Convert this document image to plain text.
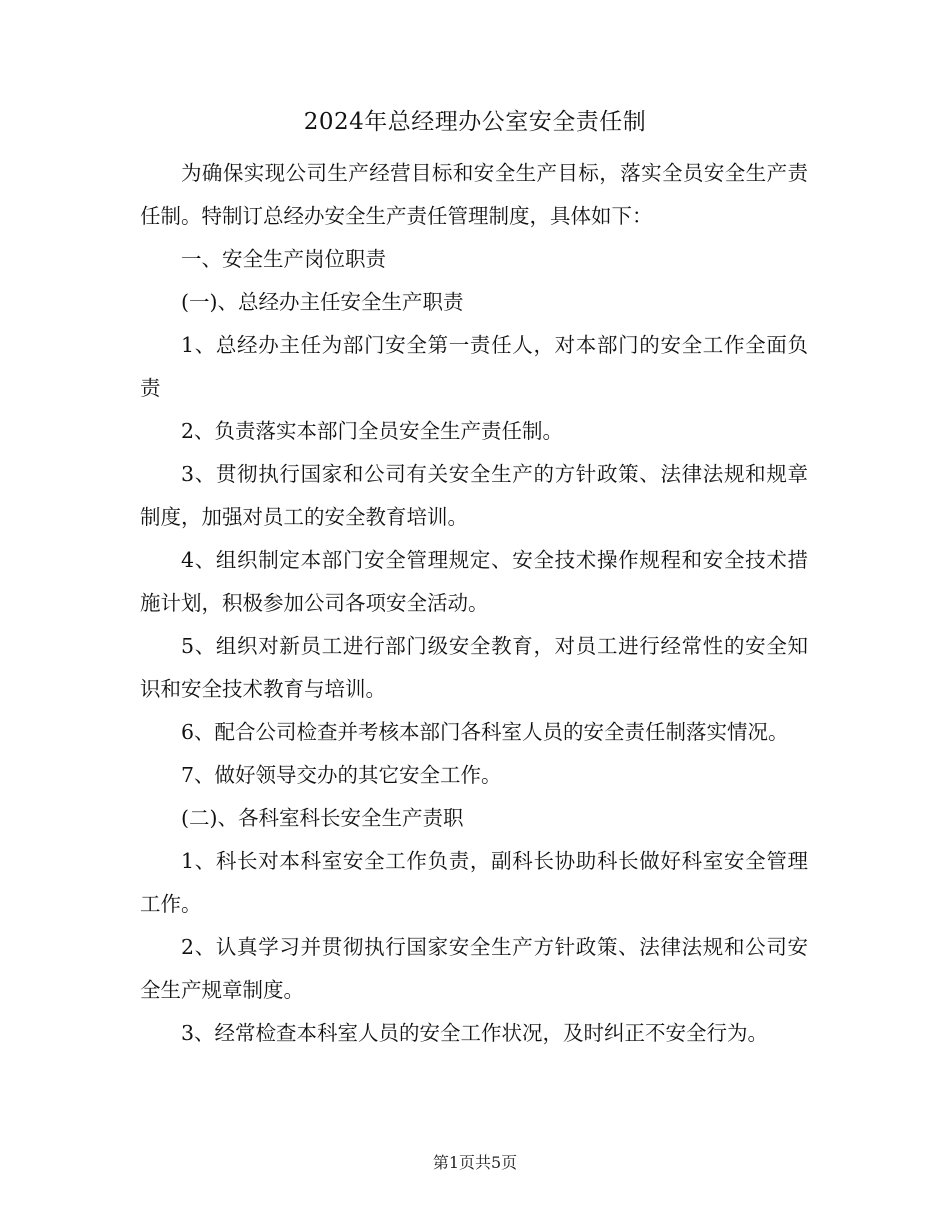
2024年总经理办公室安全责任制

为确保实现公司生产经营目标和安全生产目标，落实全员安全生产责任制。特制订总经办安全生产责任管理制度，具体如下：

一、安全生产岗位职责

(一)、总经办主任安全生产职责

1、总经办主任为部门安全第一责任人，对本部门的安全工作全面负责

2、负责落实本部门全员安全生产责任制。

3、贯彻执行国家和公司有关安全生产的方针政策、法律法规和规章制度，加强对员工的安全教育培训。

4、组织制定本部门安全管理规定、安全技术操作规程和安全技术措施计划，积极参加公司各项安全活动。

5、组织对新员工进行部门级安全教育，对员工进行经常性的安全知识和安全技术教育与培训。

6、配合公司检查并考核本部门各科室人员的安全责任制落实情况。

7、做好领导交办的其它安全工作。

(二)、各科室科长安全生产责职

1、科长对本科室安全工作负责，副科长协助科长做好科室安全管理工作。

2、认真学习并贯彻执行国家安全生产方针政策、法律法规和公司安全生产规章制度。

3、经常检查本科室人员的安全工作状况，及时纠正不安全行为。

第1页共5页
